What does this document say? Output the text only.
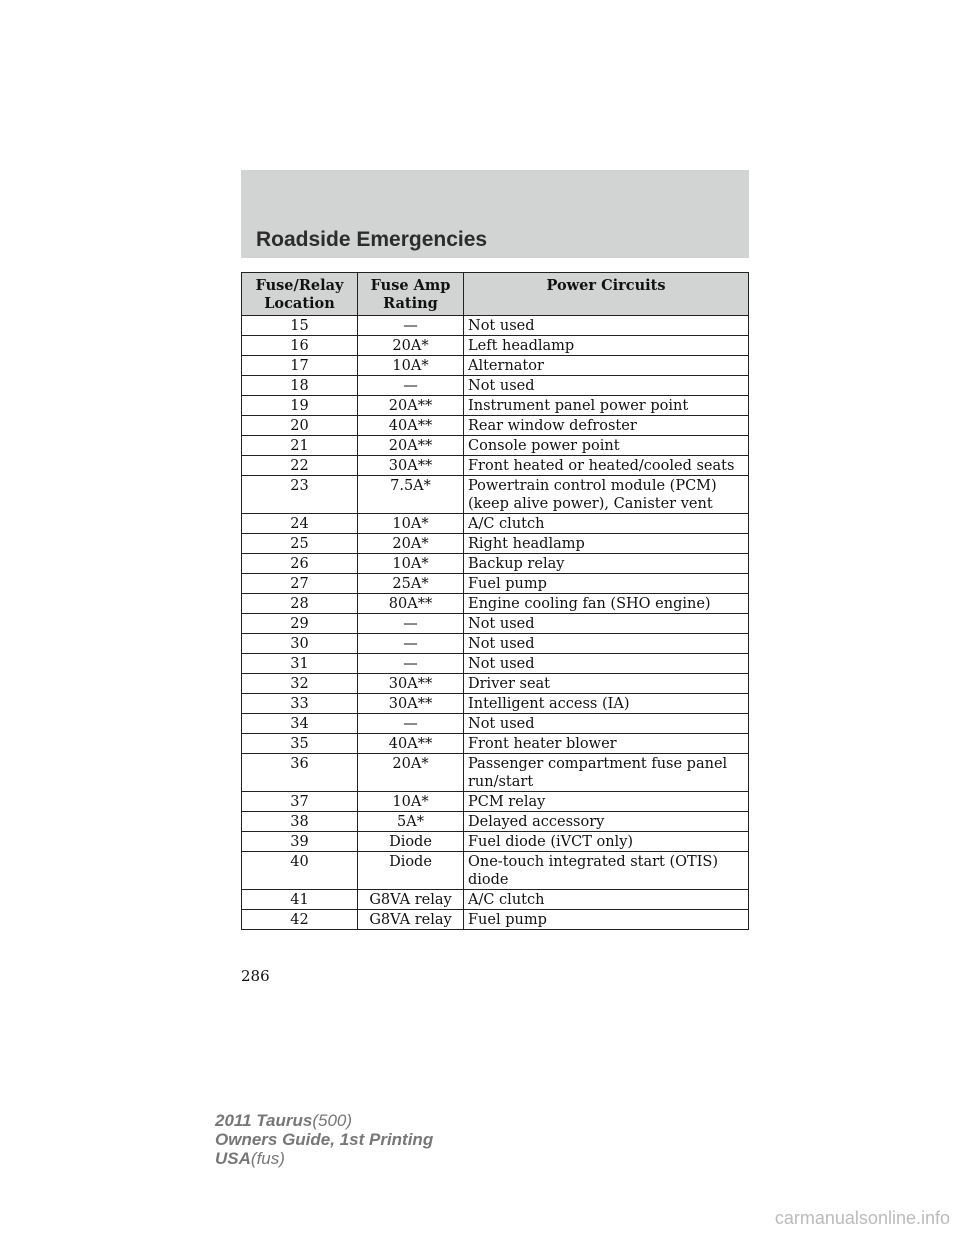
Roadside Emergencies
Fuse/Relay Location	Fuse Amp Rating	Power Circuits
15	—	Not used
16	20A*	Left headlamp
17	10A*	Alternator
18	—	Not used
19	20A**	Instrument panel power point
20	40A**	Rear window defroster
21	20A**	Console power point
22	30A**	Front heated or heated/cooled seats
23	7.5A*	Powertrain control module (PCM) (keep alive power), Canister vent
24	10A*	A/C clutch
25	20A*	Right headlamp
26	10A*	Backup relay
27	25A*	Fuel pump
28	80A**	Engine cooling fan (SHO engine)
29	—	Not used
30	—	Not used
31	—	Not used
32	30A**	Driver seat
33	30A**	Intelligent access (IA)
34	—	Not used
35	40A**	Front heater blower
36	20A*	Passenger compartment fuse panel run/start
37	10A*	PCM relay
38	5A*	Delayed accessory
39	Diode	Fuel diode (iVCT only)
40	Diode	One-touch integrated start (OTIS) diode
41	G8VA relay	A/C clutch
42	G8VA relay	Fuel pump
286
2011 Taurus(500)
Owners Guide, 1st Printing
USA(fus)
carmanualsonline.info
